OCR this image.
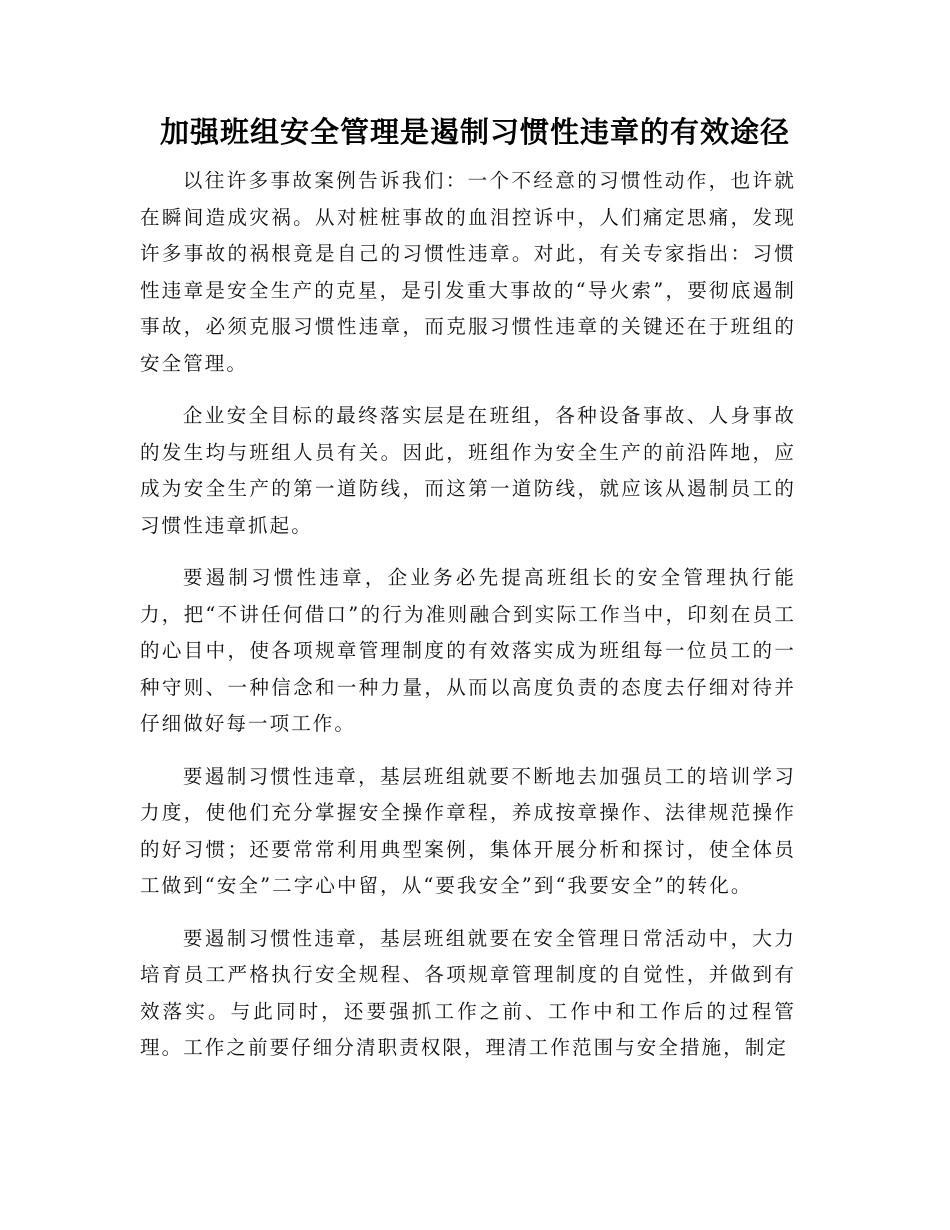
加强班组安全管理是遏制习惯性违章的有效途径

以往许多事故案例告诉我们：一个不经意的习惯性动作，也许就在瞬间造成灾祸。从对桩桩事故的血泪控诉中，人们痛定思痛，发现许多事故的祸根竟是自己的习惯性违章。对此，有关专家指出：习惯性违章是安全生产的克星，是引发重大事故的“导火索”，要彻底遏制事故，必须克服习惯性违章，而克服习惯性违章的关键还在于班组的安全管理。

企业安全目标的最终落实层是在班组，各种设备事故、人身事故的发生均与班组人员有关。因此，班组作为安全生产的前沿阵地，应成为安全生产的第一道防线，而这第一道防线，就应该从遏制员工的习惯性违章抓起。

要遏制习惯性违章，企业务必先提高班组长的安全管理执行能力，把“不讲任何借口”的行为准则融合到实际工作当中，印刻在员工的心目中，使各项规章管理制度的有效落实成为班组每一位员工的一种守则、一种信念和一种力量，从而以高度负责的态度去仔细对待并仔细做好每一项工作。

要遏制习惯性违章，基层班组就要不断地去加强员工的培训学习力度，使他们充分掌握安全操作章程，养成按章操作、法律规范操作的好习惯；还要常常利用典型案例，集体开展分析和探讨，使全体员工做到“安全”二字心中留，从“要我安全”到“我要安全”的转化。

要遏制习惯性违章，基层班组就要在安全管理日常活动中，大力培育员工严格执行安全规程、各项规章管理制度的自觉性，并做到有效落实。与此同时，还要强抓工作之前、工作中和工作后的过程管理。工作之前要仔细分清职责权限，理清工作范围与安全措施，制定
